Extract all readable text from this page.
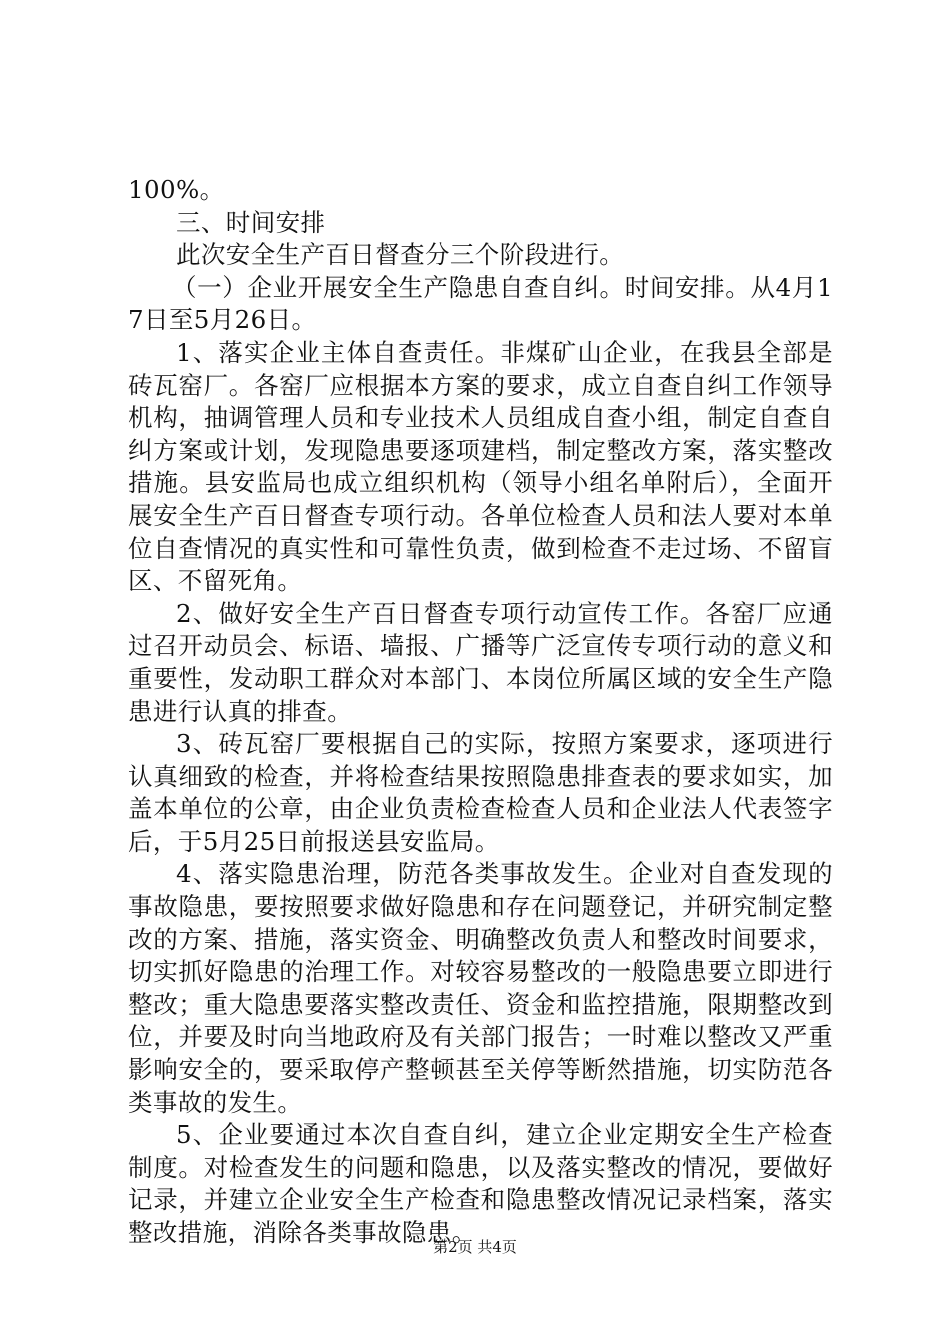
100%。

三、时间安排

此次安全生产百日督查分三个阶段进行。

（一）企业开展安全生产隐患自查自纠。时间安排。从4月17日至5月26日。

1、落实企业主体自查责任。非煤矿山企业，在我县全部是砖瓦窑厂。各窑厂应根据本方案的要求，成立自查自纠工作领导机构，抽调管理人员和专业技术人员组成自查小组，制定自查自纠方案或计划，发现隐患要逐项建档，制定整改方案，落实整改措施。县安监局也成立组织机构（领导小组名单附后），全面开展安全生产百日督查专项行动。各单位检查人员和法人要对本单位自查情况的真实性和可靠性负责，做到检查不走过场、不留盲区、不留死角。

2、做好安全生产百日督查专项行动宣传工作。各窑厂应通过召开动员会、标语、墙报、广播等广泛宣传专项行动的意义和重要性，发动职工群众对本部门、本岗位所属区域的安全生产隐患进行认真的排查。

3、砖瓦窑厂要根据自己的实际，按照方案要求，逐项进行认真细致的检查，并将检查结果按照隐患排查表的要求如实，加盖本单位的公章，由企业负责检查检查人员和企业法人代表签字后，于5月25日前报送县安监局。

4、落实隐患治理，防范各类事故发生。企业对自查发现的事故隐患，要按照要求做好隐患和存在问题登记，并研究制定整改的方案、措施，落实资金、明确整改负责人和整改时间要求，切实抓好隐患的治理工作。对较容易整改的一般隐患要立即进行整改；重大隐患要落实整改责任、资金和监控措施，限期整改到位，并要及时向当地政府及有关部门报告；一时难以整改又严重影响安全的，要采取停产整顿甚至关停等断然措施，切实防范各类事故的发生。

5、企业要通过本次自查自纠，建立企业定期安全生产检查制度。对检查发生的问题和隐患，以及落实整改的情况，要做好记录，并建立企业安全生产检查和隐患整改情况记录档案，落实整改措施，消除各类事故隐患。

第2页 共4页
